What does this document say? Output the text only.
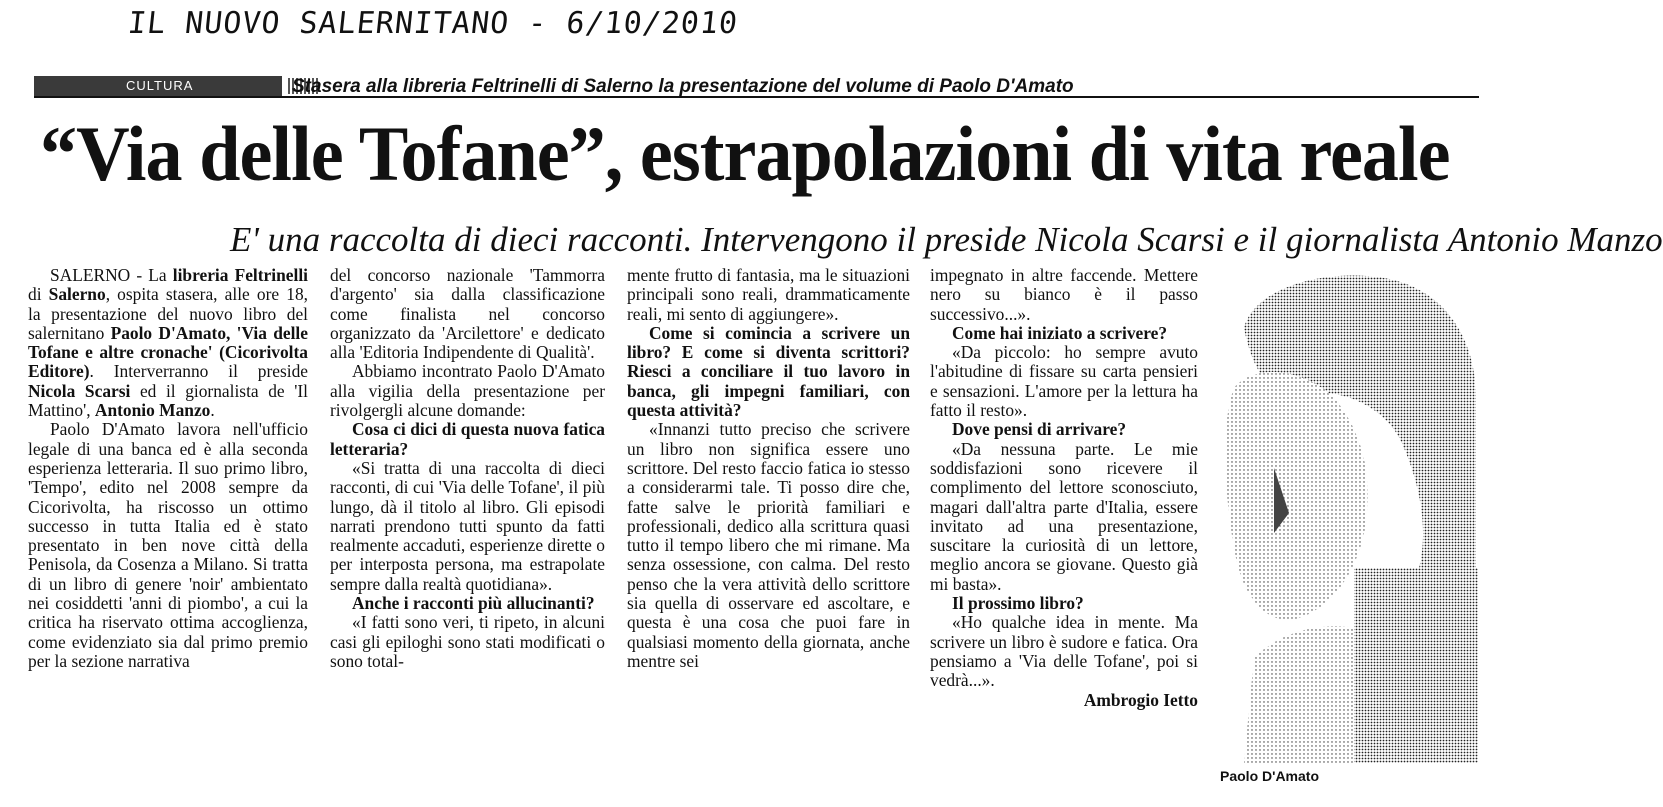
IL NUOVO SALERNITANO - 6/10/2010
CULTURA	Stasera alla libreria Feltrinelli di Salerno la presentazione del volume di Paolo D'Amato
“Via delle Tofane”, estrapolazioni di vita reale
E' una raccolta di dieci racconti. Intervengono il preside Nicola Scarsi e il giornalista Antonio Manzo

SALERNO - La libreria Feltrinelli di Salerno, ospita stasera, alle ore 18, la presentazione del nuovo libro del salernitano Paolo D'Amato, 'Via delle Tofane e altre cronache' (Cicorivolta Editore). Interverranno il preside Nicola Scarsi ed il giornalista de 'Il Mattino', Antonio Manzo.

Paolo D'Amato lavora nell'ufficio legale di una banca ed è alla seconda esperienza letteraria. Il suo primo libro, 'Tempo', edito nel 2008 sempre da Cicorivolta, ha riscosso un ottimo successo in tutta Italia ed è stato presentato in ben nove città della Penisola, da Cosenza a Milano. Si tratta di un libro di genere 'noir' ambientato nei cosiddetti 'anni di piombo', a cui la critica ha riservato ottima accoglienza, come evidenziato sia dal primo premio per la sezione narrativa

del concorso nazionale 'Tammorra d'argento' sia dalla classificazione come finalista nel concorso organizzato da 'Arcilettore' e dedicato alla 'Editoria Indipendente di Qualità'.

Abbiamo incontrato Paolo D'Amato alla vigilia della presentazione per rivolgergli alcune domande:

Cosa ci dici di questa nuova fatica letteraria?

«Si tratta di una raccolta di dieci racconti, di cui 'Via delle Tofane', il più lungo, dà il titolo al libro. Gli episodi narrati prendono tutti spunto da fatti realmente accaduti, esperienze dirette o per interposta persona, ma estrapolate sempre dalla realtà quotidiana».

Anche i racconti più allucinanti?

«I fatti sono veri, ti ripeto, in alcuni casi gli epiloghi sono stati modificati o sono total-

mente frutto di fantasia, ma le situazioni principali sono reali, drammaticamente reali, mi sento di aggiungere».

Come si comincia a scrivere un libro? E come si diventa scrittori? Riesci a conciliare il tuo lavoro in banca, gli impegni familiari, con questa attività?

«Innanzi tutto preciso che scrivere un libro non significa essere uno scrittore. Del resto faccio fatica io stesso a considerarmi tale. Ti posso dire che, fatte salve le priorità familiari e professionali, dedico alla scrittura quasi tutto il tempo libero che mi rimane. Ma senza ossessione, con calma. Del resto penso che la vera attività dello scrittore sia quella di osservare ed ascoltare, e questa è una cosa che puoi fare in qualsiasi momento della giornata, anche mentre sei

impegnato in altre faccende. Mettere nero su bianco è il passo successivo...».

Come hai iniziato a scrivere?

«Da piccolo: ho sempre avuto l'abitudine di fissare su carta pensieri e sensazioni. L'amore per la lettura ha fatto il resto».

Dove pensi di arrivare?

«Da nessuna parte. Le mie soddisfazioni sono ricevere il complimento del lettore sconosciuto, magari dall'altra parte d'Italia, essere invitato ad una presentazione, suscitare la curiosità di un lettore, meglio ancora se giovane. Questo già mi basta».

Il prossimo libro?

«Ho qualche idea in mente. Ma scrivere un libro è sudore e fatica. Ora pensiamo a 'Via delle Tofane', poi si vedrà...».

Ambrogio Ietto

Paolo D'Amato
